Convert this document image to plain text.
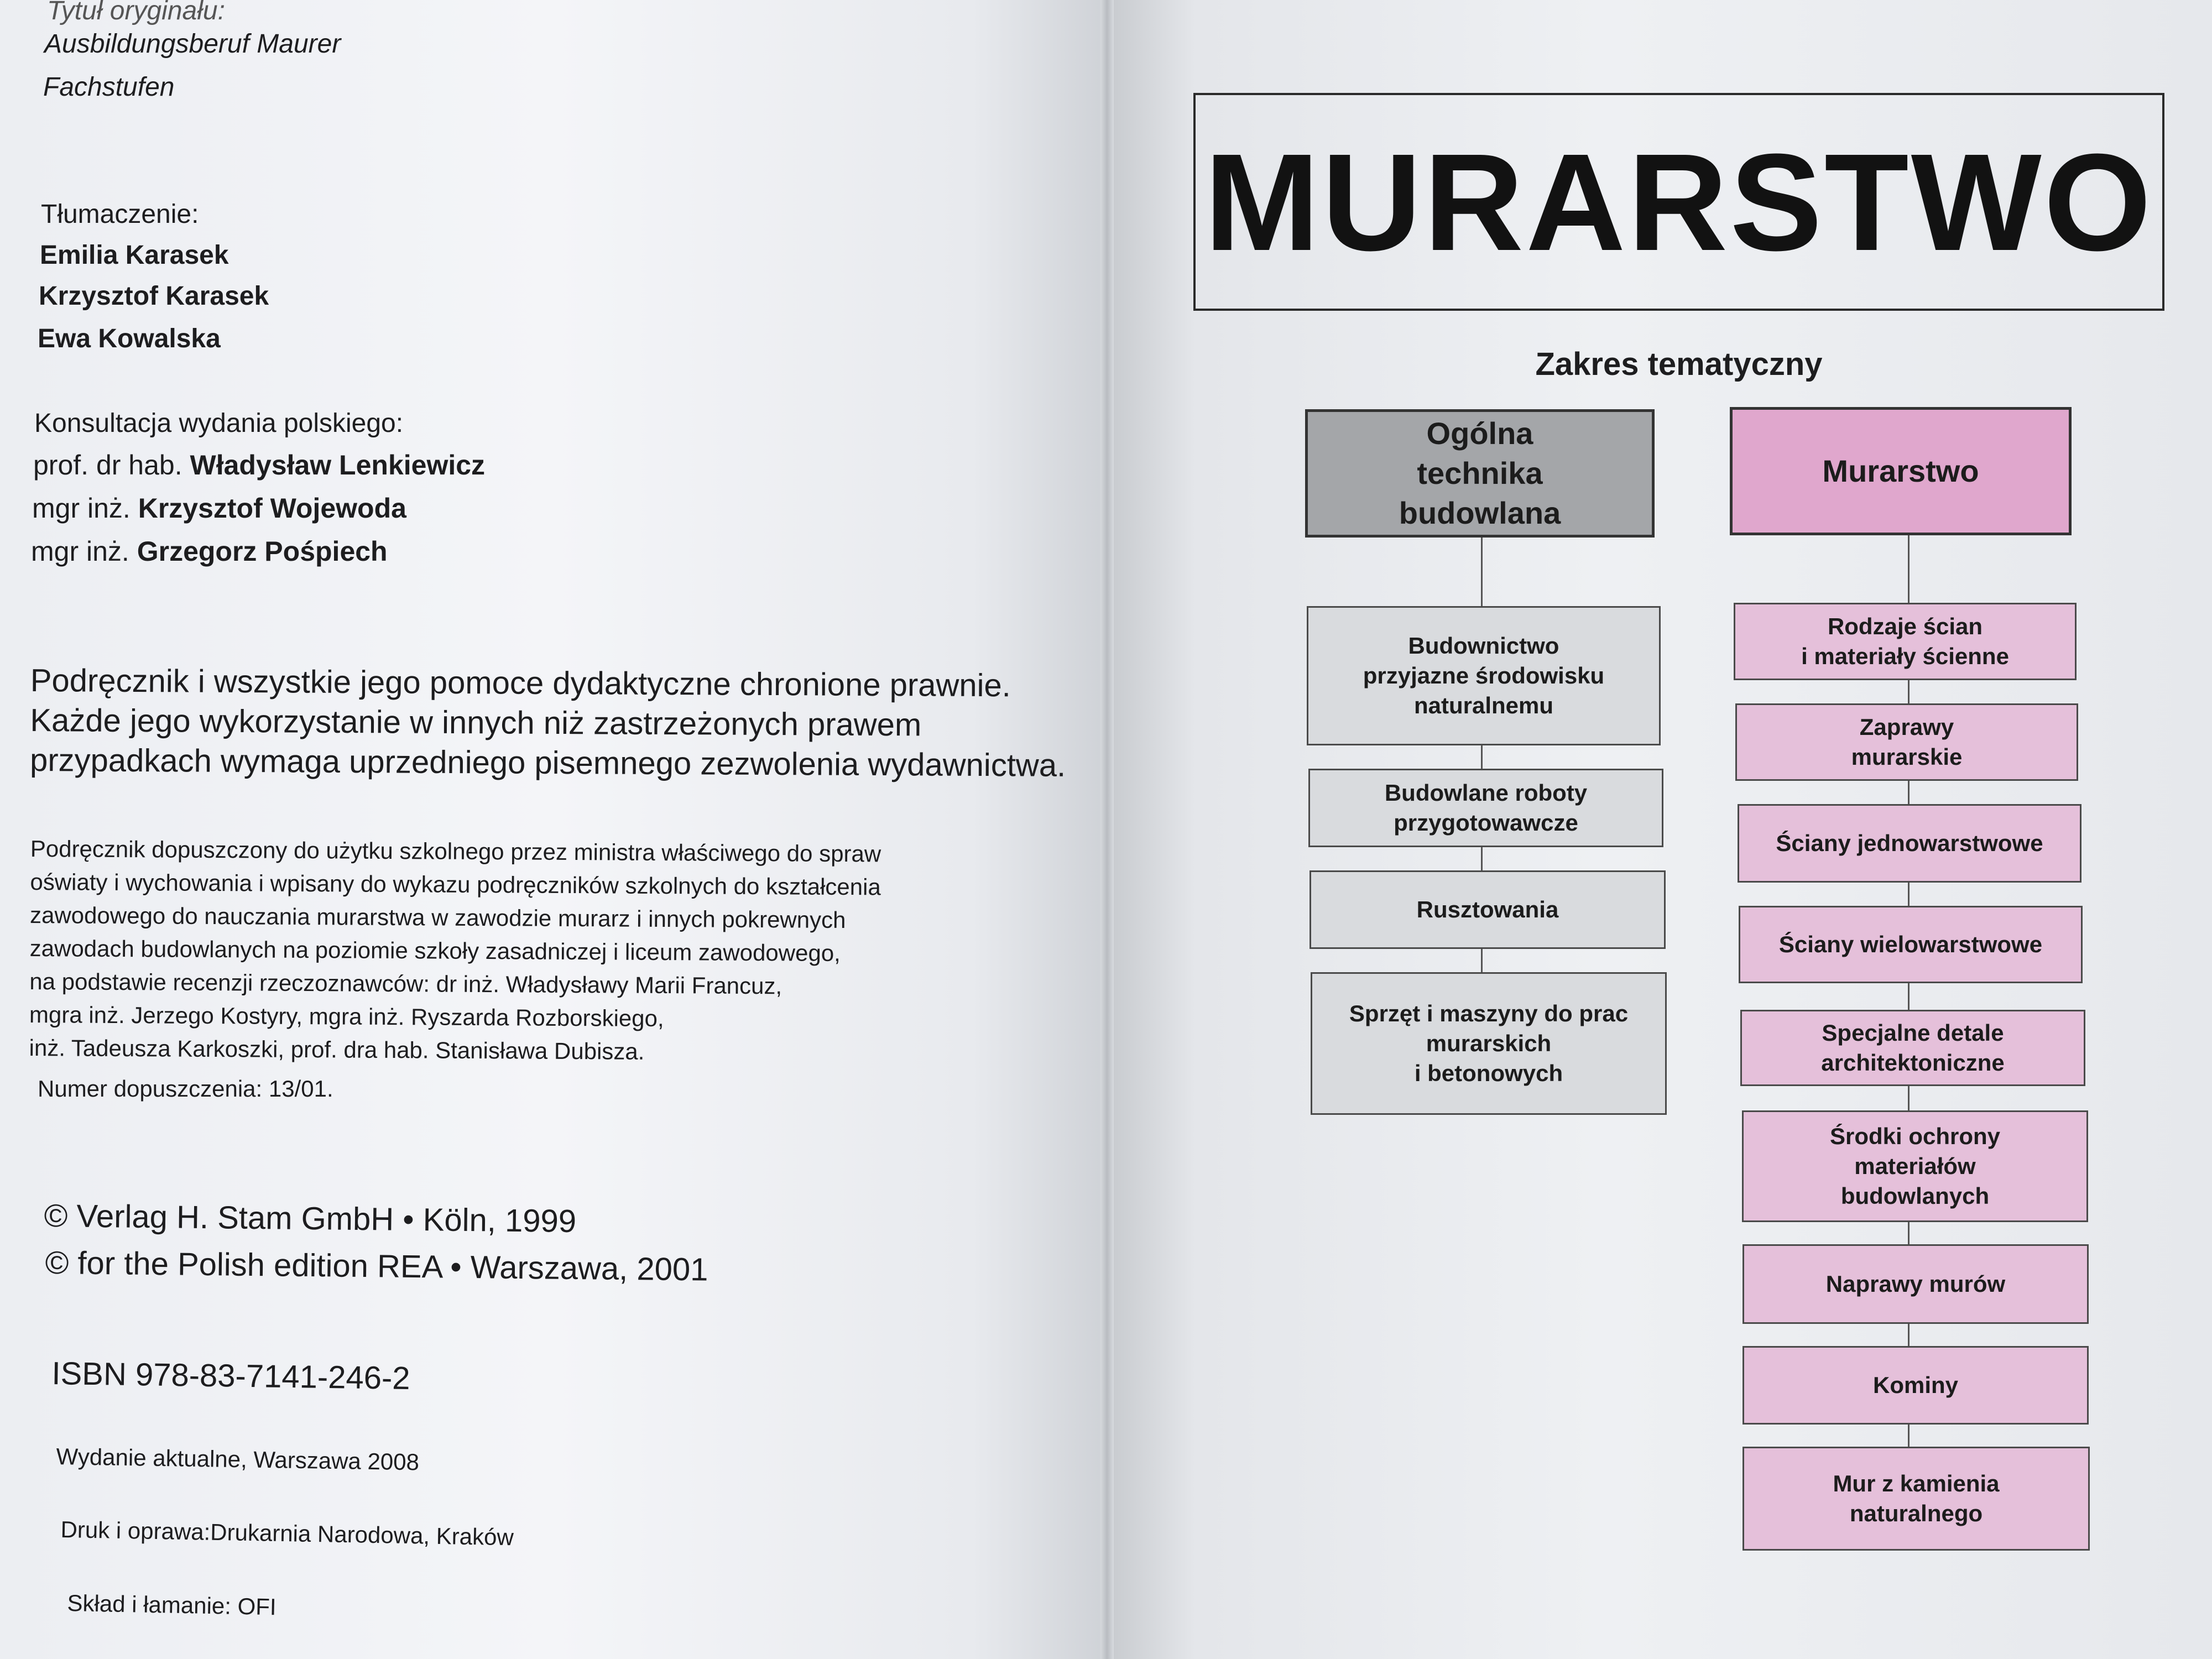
Tytuł oryginału:
Ausbildungsberuf Maurer
Fachstufen
Tłumaczenie:
Emilia Karasek
Krzysztof Karasek
Ewa Kowalska
Konsultacja wydania polskiego:
prof. dr hab. Władysław Lenkiewicz
mgr inż. Krzysztof Wojewoda
mgr inż. Grzegorz Pośpiech
Podręcznik i wszystkie jego pomoce dydaktyczne chronione prawnie.
Każde jego wykorzystanie w innych niż zastrzeżonych prawem
przypadkach wymaga uprzedniego pisemnego zezwolenia wydawnictwa.
Podręcznik dopuszczony do użytku szkolnego przez ministra właściwego do spraw
oświaty i wychowania i wpisany do wykazu podręczników szkolnych do kształcenia
zawodowego do nauczania murarstwa w zawodzie murarz i innych pokrewnych
zawodach budowlanych na poziomie szkoły zasadniczej i liceum zawodowego,
na podstawie recenzji rzeczoznawców: dr inż. Władysławy Marii Francuz,
mgra inż. Jerzego Kostyry, mgra inż. Ryszarda Rozborskiego,
inż. Tadeusza Karkoszki, prof. dra hab. Stanisława Dubisza.
Numer dopuszczenia: 13/01.
© Verlag H. Stam GmbH • Köln, 1999
© for the Polish edition REA • Warszawa, 2001
ISBN 978-83-7141-246-2
Wydanie aktualne, Warszawa 2008
Druk i oprawa:Drukarnia Narodowa, Kraków
Skład i łamanie: OFI
MURARSTWO
Zakres tematyczny
Ogólna
technika
budowlana
Budownictwo
przyjazne środowisku
naturalnemu
Budowlane roboty
przygotowawcze
Rusztowania
Sprzęt i maszyny do prac
murarskich
i betonowych
Murarstwo
Rodzaje ścian
i materiały ścienne
Zaprawy
murarskie
Ściany jednowarstwowe
Ściany wielowarstwowe
Specjalne detale
architektoniczne
Środki ochrony
materiałów
budowlanych
Naprawy murów
Kominy
Mur z kamienia
naturalnego
